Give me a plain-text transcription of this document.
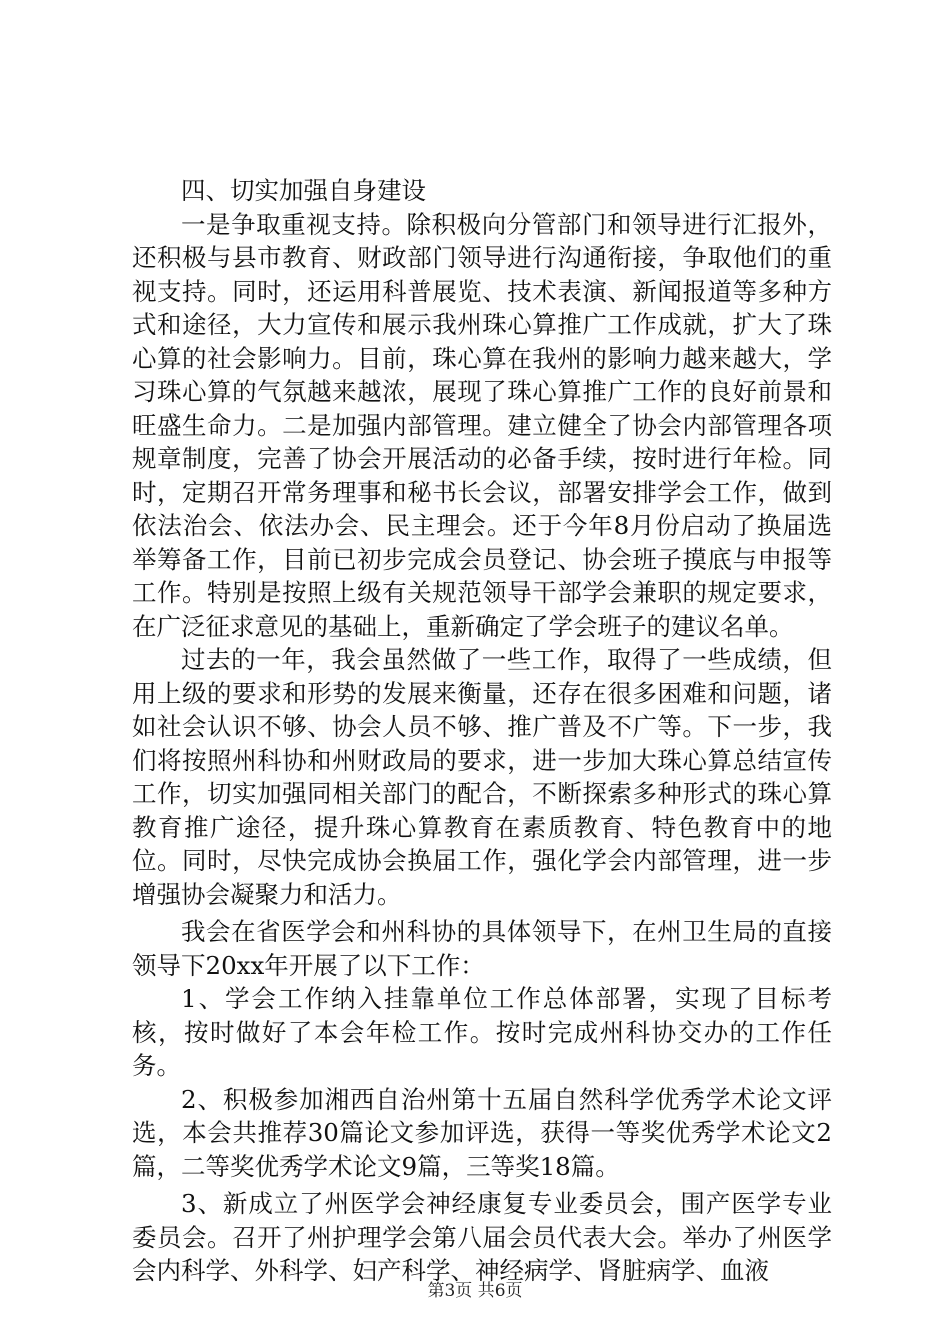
四、切实加强自身建设

一是争取重视支持。除积极向分管部门和领导进行汇报外，还积极与县市教育、财政部门领导进行沟通衔接，争取他们的重视支持。同时，还运用科普展览、技术表演、新闻报道等多种方式和途径，大力宣传和展示我州珠心算推广工作成就，扩大了珠心算的社会影响力。目前，珠心算在我州的影响力越来越大，学习珠心算的气氛越来越浓，展现了珠心算推广工作的良好前景和旺盛生命力。二是加强内部管理。建立健全了协会内部管理各项规章制度，完善了协会开展活动的必备手续，按时进行年检。同时，定期召开常务理事和秘书长会议，部署安排学会工作，做到依法治会、依法办会、民主理会。还于今年8月份启动了换届选举筹备工作，目前已初步完成会员登记、协会班子摸底与申报等工作。特别是按照上级有关规范领导干部学会兼职的规定要求，在广泛征求意见的基础上，重新确定了学会班子的建议名单。

过去的一年，我会虽然做了一些工作，取得了一些成绩，但用上级的要求和形势的发展来衡量，还存在很多困难和问题，诸如社会认识不够、协会人员不够、推广普及不广等。下一步，我们将按照州科协和州财政局的要求，进一步加大珠心算总结宣传工作，切实加强同相关部门的配合，不断探索多种形式的珠心算教育推广途径，提升珠心算教育在素质教育、特色教育中的地位。同时，尽快完成协会换届工作，强化学会内部管理，进一步增强协会凝聚力和活力。

我会在省医学会和州科协的具体领导下，在州卫生局的直接领导下20xx年开展了以下工作：

1、学会工作纳入挂靠单位工作总体部署，实现了目标考核，按时做好了本会年检工作。按时完成州科协交办的工作任务。

2、积极参加湘西自治州第十五届自然科学优秀学术论文评选，本会共推荐30篇论文参加评选，获得一等奖优秀学术论文2篇，二等奖优秀学术论文9篇，三等奖18篇。

3、新成立了州医学会神经康复专业委员会，围产医学专业委员会。召开了州护理学会第八届会员代表大会。举办了州医学会内科学、外科学、妇产科学、神经病学、肾脏病学、血液

第3页 共6页
